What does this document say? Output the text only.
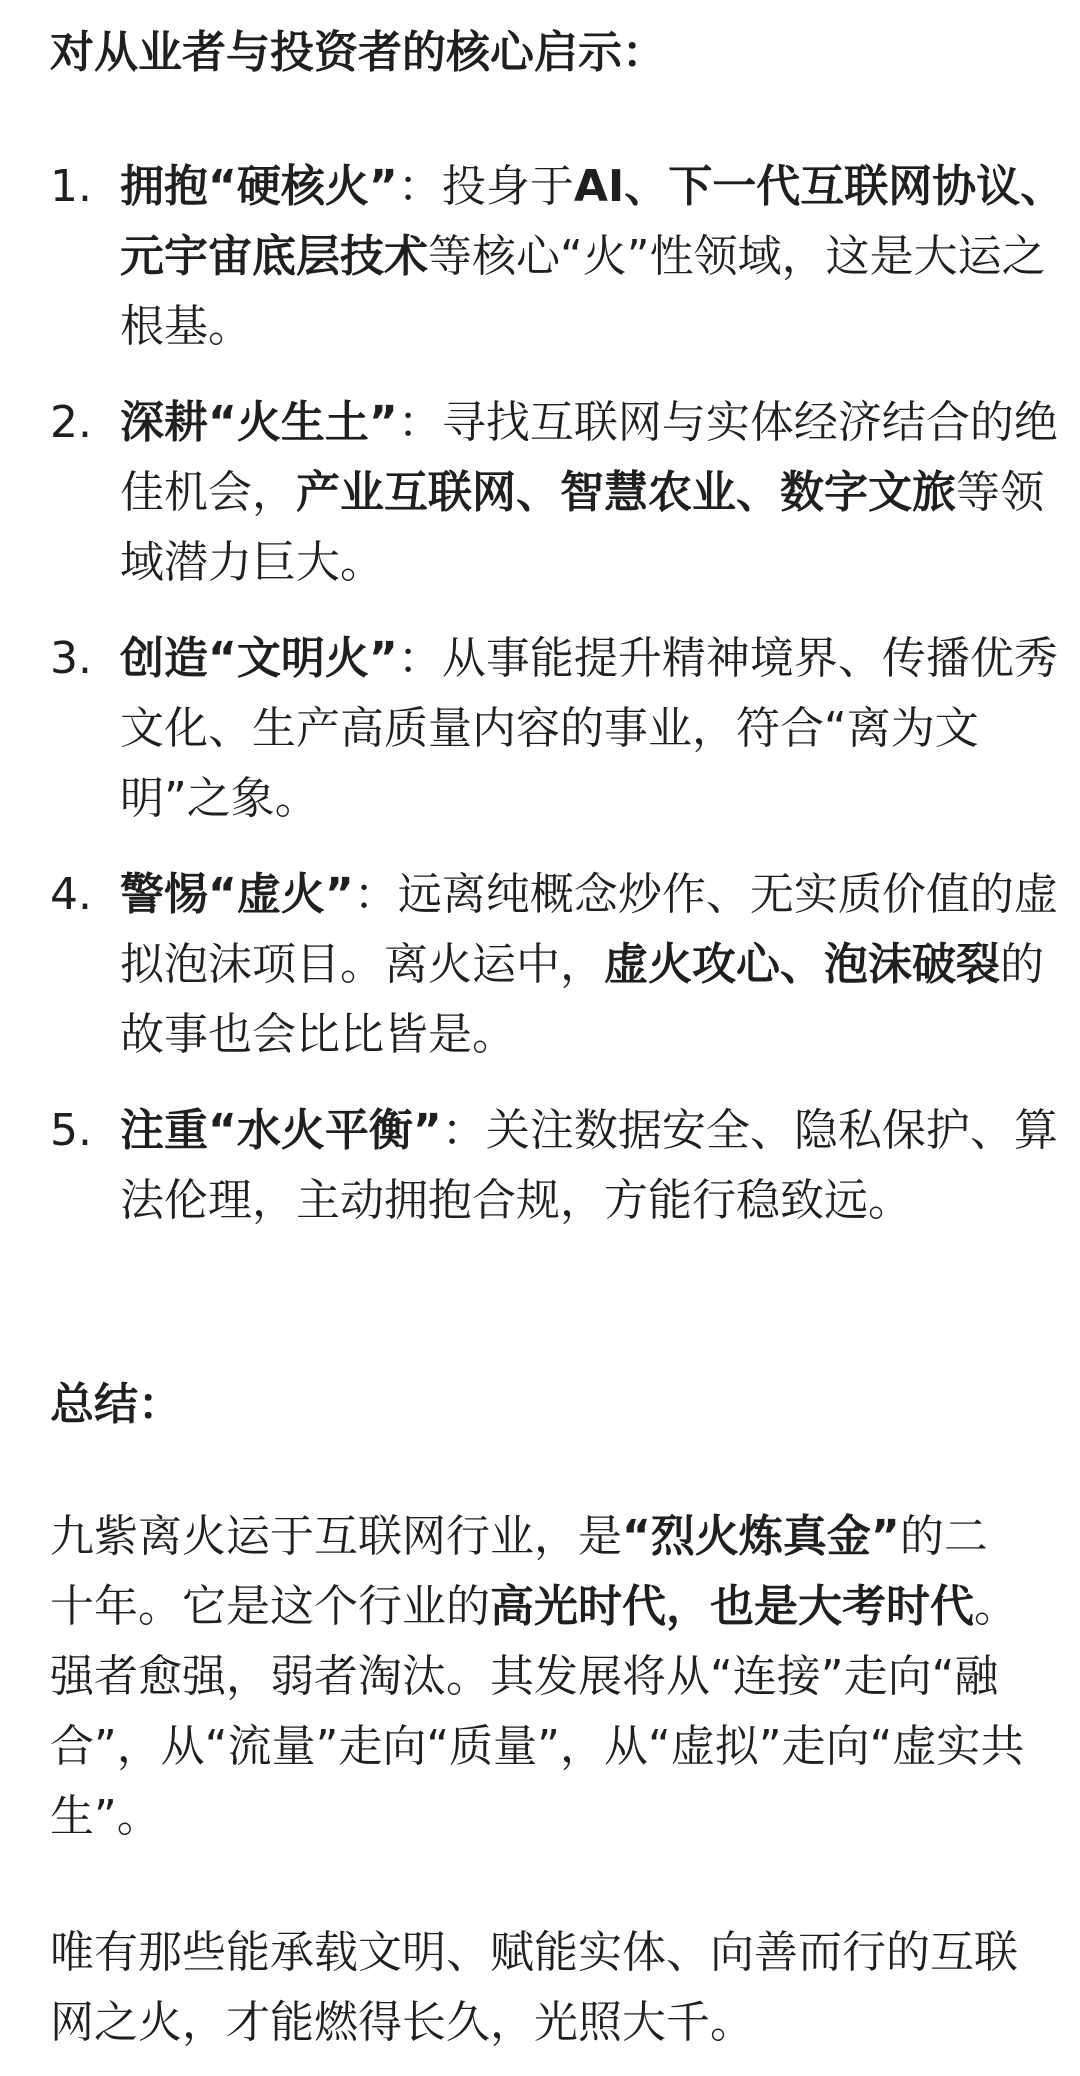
对从业者与投资者的核心启示：
1. 拥抱“硬核火”：投身于AI、下一代互联网协议、元宇宙底层技术等核心“火”性领域，这是大运之根基。

2. 深耕“火生土”：寻找互联网与实体经济结合的绝佳机会，产业互联网、智慧农业、数字文旅等领域潜力巨大。

3. 创造“文明火”：从事能提升精神境界、传播优秀文化、生产高质量内容的事业，符合“离为文明”之象。

4. 警惕“虚火”：远离纯概念炒作、无实质价值的虚拟泡沫项目。离火运中，虚火攻心、泡沫破裂的故事也会比比皆是。

5. 注重“水火平衡”：关注数据安全、隐私保护、算法伦理，主动拥抱合规，方能行稳致远。

总结：

九紫离火运于互联网行业，是“烈火炼真金”的二十年。它是这个行业的高光时代，也是大考时代。强者愈强，弱者淘汰。其发展将从“连接”走向“融合”，从“流量”走向“质量”，从“虚拟”走向“虚实共生”。

唯有那些能承载文明、赋能实体、向善而行的互联网之火，才能燃得长久，光照大千。
